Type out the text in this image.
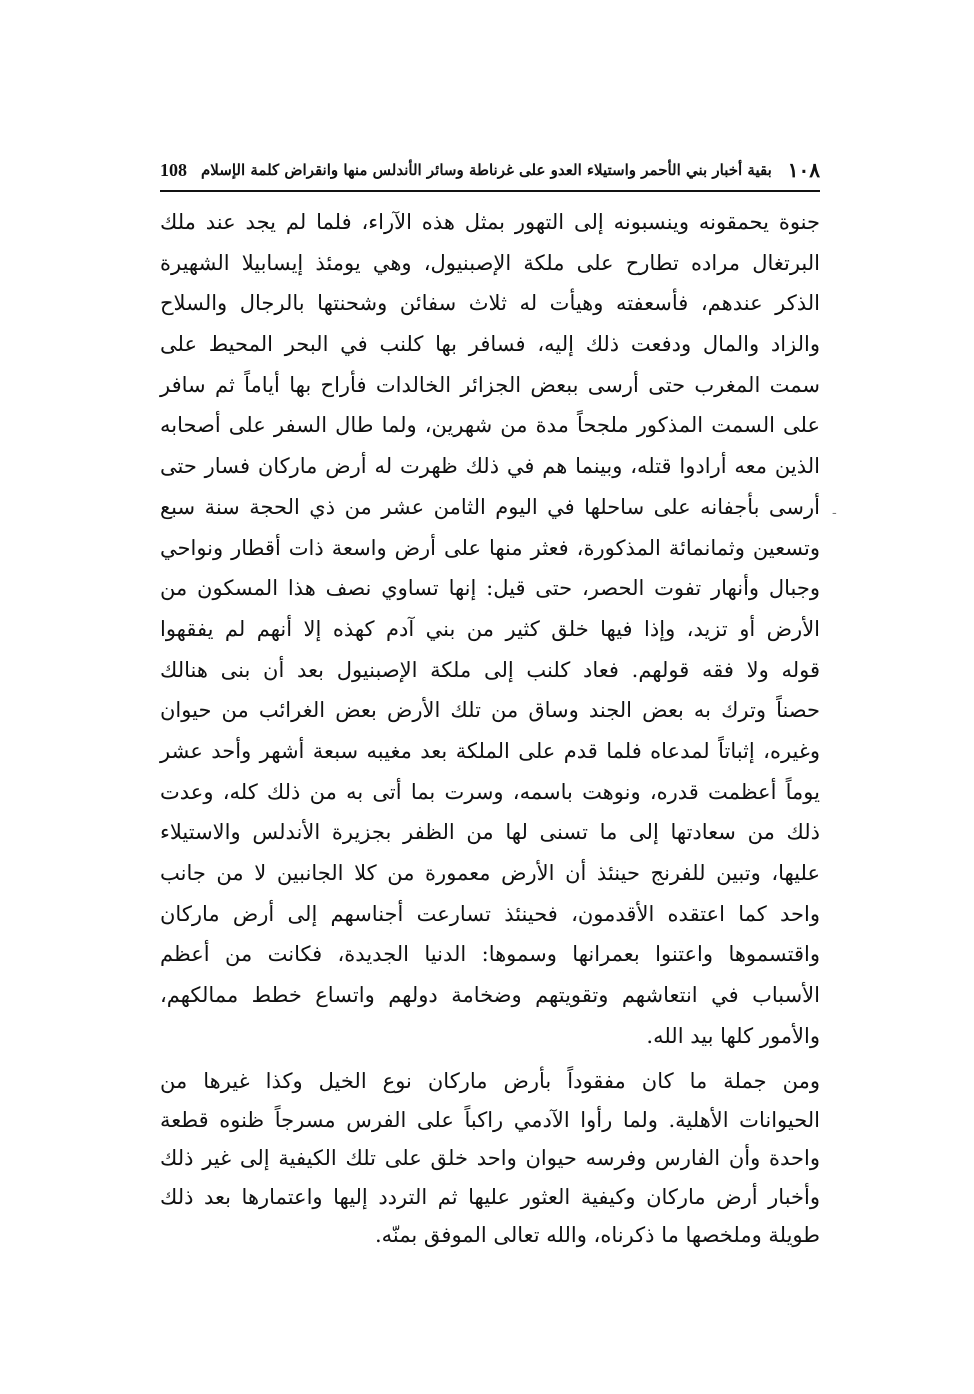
١٠٨
بقية أخبار بني الأحمر واستيلاء العدو على غرناطة وسائر الأندلس منها وانقراض كلمة الإسلام
108
جنوة يحمقونه وينسبونه إلى التهور بمثل هذه الآراء، فلما لم يجد عند ملك
البرتغال مراده تطارح على ملكة الإصبنيول، وهي يومئذ إيسابيلا الشهيرة
الذكر عندهم، فأسعفته وهيأت له ثلاث سفائن وشحنتها بالرجال والسلاح
والزاد والمال ودفعت ذلك إليه، فسافر بها كلنب في البحر المحيط على
سمت المغرب حتى أرسى ببعض الجزائر الخالدات فأراح بها أياماً ثم سافر
على السمت المذكور ملجحاً مدة من شهرين، ولما طال السفر على أصحابه
الذين معه أرادوا قتله، وبينما هم في ذلك ظهرت له أرض ماركان فسار حتى
أرسى بأجفانه على ساحلها في اليوم الثامن عشر من ذي الحجة سنة سبع
وتسعين وثمانمائة المذكورة، فعثر منها على أرض واسعة ذات أقطار ونواحي
وجبال وأنهار تفوت الحصر، حتى قيل: إنها تساوي نصف هذا المسكون من
الأرض أو تزيد، وإذا فيها خلق كثير من بني آدم كهذه إلا أنهم لم يفقهوا
قوله ولا فقه قولهم. فعاد كلنب إلى ملكة الإصبنيول بعد أن بنى هنالك
حصناً وترك به بعض الجند وساق من تلك الأرض بعض الغرائب من حيوان
وغيره، إثباتاً لمدعاه فلما قدم على الملكة بعد مغيبه سبعة أشهر وأحد عشر
يوماً أعظمت قدره، ونوهت باسمه، وسرت بما أتى به من ذلك كله، وعدت
ذلك من سعادتها إلى ما تسنى لها من الظفر بجزيرة الأندلس والاستيلاء
عليها، وتبين للفرنج حينئذ أن الأرض معمورة من كلا الجانبين لا من جانب
واحد كما اعتقده الأقدمون، فحينئذ تسارعت أجناسهم إلى أرض ماركان
واقتسموها واعتنوا بعمرانها وسموها: الدنيا الجديدة، فكانت من أعظم
الأسباب في انتعاشهم وتقويتهم وضخامة دولهم واتساع خطط ممالكهم،
والأمور كلها بيد الله.
ومن جملة ما كان مفقوداً بأرض ماركان نوع الخيل وكذا غيرها من
الحيوانات الأهلية. ولما رأوا الآدمي راكباً على الفرس مسرجاً ظنوه قطعة
واحدة وأن الفارس وفرسه حيوان واحد خلق على تلك الكيفية إلى غير ذلك
وأخبار أرض ماركان وكيفية العثور عليها ثم التردد إليها واعتمارها بعد ذلك
طويلة وملخصها ما ذكرناه، والله تعالى الموفق بمنّه.
‐
